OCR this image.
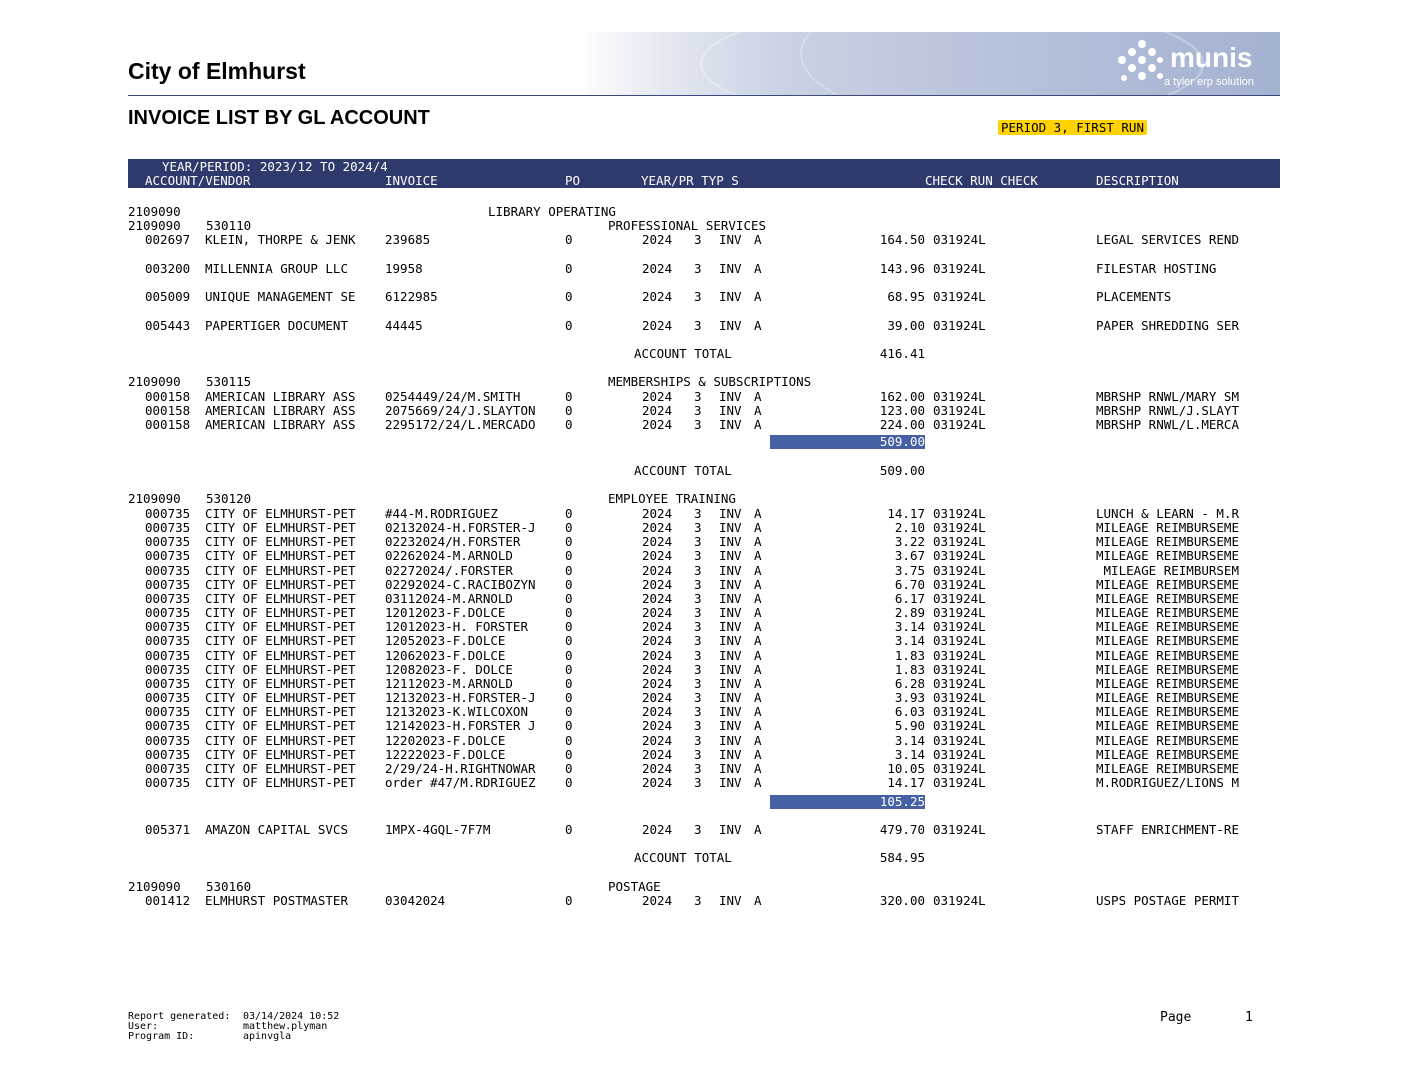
City of Elmhurst	munis
a tyler erp solution
INVOICE LIST BY GL ACCOUNT	PERIOD 3, FIRST RUN
YEAR/PERIOD: 2023/12 TO 2024/4
ACCOUNT/VENDOR	INVOICE	PO	YEAR/PR TYP S	CHECK RUN CHECK	DESCRIPTION
2109090	LIBRARY OPERATING
2109090 530110	PROFESSIONAL SERVICES
002697 KLEIN, THORPE & JENK 239685	0	2024 3 INV A	164.50 031924L	LEGAL SERVICES REND
003200 MILLENNIA GROUP LLC	19958	0	2024 3 INV A	143.96 031924L	FILESTAR HOSTING
005009 UNIQUE MANAGEMENT SE 6122985	0	2024 3 INV A	68.95 031924L	PLACEMENTS
005443 PAPERTIGER DOCUMENT	44445	0	2024 3 INV A	39.00 031924L	PAPER SHREDDING SER
ACCOUNT TOTAL	416.41
2109090 530115	MEMBERSHIPS & SUBSCRIPTIONS
000158 AMERICAN LIBRARY ASS 0254449/24/M.SMITH	0	2024 3 INV A	162.00 031924L	MBRSHP RNWL/MARY SM
000158 AMERICAN LIBRARY ASS 2075669/24/J.SLAYTON 0	2024 3 INV A	123.00 031924L	MBRSHP RNWL/J.SLAYT
000158 AMERICAN LIBRARY ASS 2295172/24/L.MERCADO 0	2024 3 INV A	224.00 031924L	MBRSHP RNWL/L.MERCA
509.00
ACCOUNT TOTAL	509.00
2109090 530120	EMPLOYEE TRAINING
000735 CITY OF ELMHURST-PET #44-M.RODRIGUEZ	0	2024 3 INV A	14.17 031924L	LUNCH & LEARN - M.R
000735 CITY OF ELMHURST-PET 02132024-H.FORSTER-J 0	2024 3 INV A	2.10 031924L	MILEAGE REIMBURSEME
000735 CITY OF ELMHURST-PET 02232024/H.FORSTER	0	2024 3 INV A	3.22 031924L	MILEAGE REIMBURSEME
000735 CITY OF ELMHURST-PET 02262024-M.ARNOLD	0	2024 3 INV A	3.67 031924L	MILEAGE REIMBURSEME
000735 CITY OF ELMHURST-PET 02272024/.FORSTER	0	2024 3 INV A	3.75 031924L	MILEAGE REIMBURSEM
000735 CITY OF ELMHURST-PET 02292024-C.RACIBOZYN 0	2024 3 INV A	6.70 031924L	MILEAGE REIMBURSEME
000735 CITY OF ELMHURST-PET 03112024-M.ARNOLD	0	2024 3 INV A	6.17 031924L	MILEAGE REIMBURSEME
000735 CITY OF ELMHURST-PET 12012023-F.DOLCE	0	2024 3 INV A	2.89 031924L	MILEAGE REIMBURSEME
000735 CITY OF ELMHURST-PET 12012023-H. FORSTER	0	2024 3 INV A	3.14 031924L	MILEAGE REIMBURSEME
000735 CITY OF ELMHURST-PET 12052023-F.DOLCE	0	2024 3 INV A	3.14 031924L	MILEAGE REIMBURSEME
000735 CITY OF ELMHURST-PET 12062023-F.DOLCE	0	2024 3 INV A	1.83 031924L	MILEAGE REIMBURSEME
000735 CITY OF ELMHURST-PET 12082023-F. DOLCE	0	2024 3 INV A	1.83 031924L	MILEAGE REIMBURSEME
000735 CITY OF ELMHURST-PET 12112023-M.ARNOLD	0	2024 3 INV A	6.28 031924L	MILEAGE REIMBURSEME
000735 CITY OF ELMHURST-PET 12132023-H.FORSTER-J 0	2024 3 INV A	3.93 031924L	MILEAGE REIMBURSEME
000735 CITY OF ELMHURST-PET 12132023-K.WILCOXON	0	2024 3 INV A	6.03 031924L	MILEAGE REIMBURSEME
000735 CITY OF ELMHURST-PET 12142023-H.FORSTER J 0	2024 3 INV A	5.90 031924L	MILEAGE REIMBURSEME
000735 CITY OF ELMHURST-PET 12202023-F.DOLCE	0	2024 3 INV A	3.14 031924L	MILEAGE REIMBURSEME
000735 CITY OF ELMHURST-PET 12222023-F.DOLCE	0	2024 3 INV A	3.14 031924L	MILEAGE REIMBURSEME
000735 CITY OF ELMHURST-PET 2/29/24-H.RIGHTNOWAR 0	2024 3 INV A	10.05 031924L	MILEAGE REIMBURSEME
000735 CITY OF ELMHURST-PET order #47/M.RDRIGUEZ 0	2024 3 INV A	14.17 031924L	M.RODRIGUEZ/LIONS M
105.25
005371 AMAZON CAPITAL SVCS	1MPX-4GQL-7F7M	0	2024 3 INV A	479.70 031924L	STAFF ENRICHMENT-RE
ACCOUNT TOTAL	584.95
2109090 530160	POSTAGE
001412 ELMHURST POSTMASTER	03042024	0	2024 3 INV A	320.00 031924L	USPS POSTAGE PERMIT
Report generated: 03/14/2024 10:52
User:	matthew.plyman
Program ID:	apinvgla
Page	1
